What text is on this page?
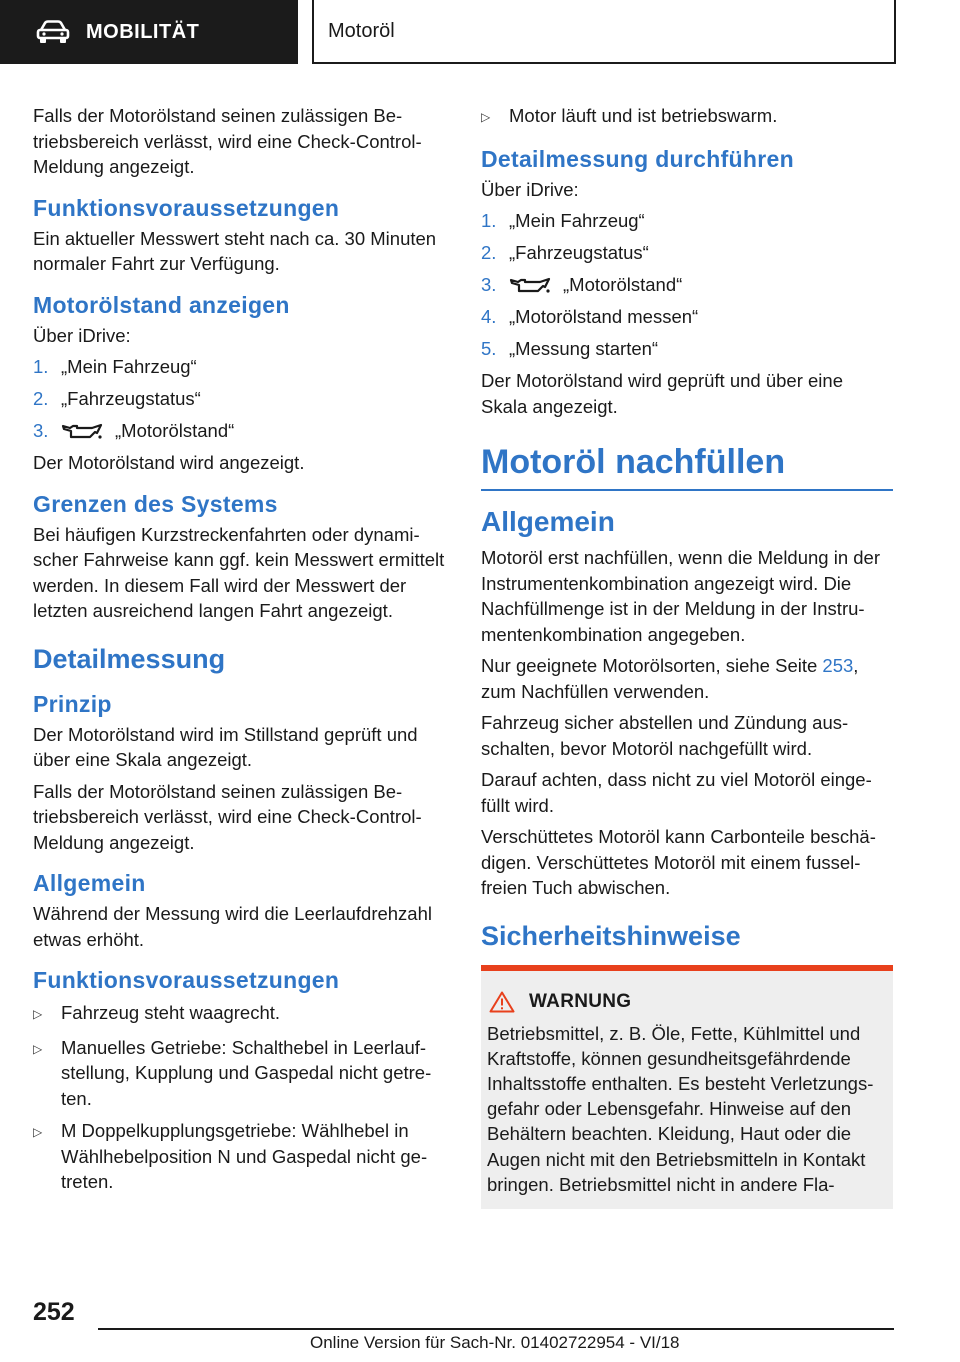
MOBILITÄT	Motoröl

Falls der Motorölstand seinen zulässigen Betriebsbereich verlässt, wird eine Check-Control-Meldung angezeigt.

Funktionsvoraussetzungen

Ein aktueller Messwert steht nach ca. 30 Minuten normaler Fahrt zur Verfügung.

Motorölstand anzeigen

Über iDrive:

1. „Mein Fahrzeug“
2. „Fahrzeugstatus“
3.	„Motorölstand“

Der Motorölstand wird angezeigt.

Grenzen des Systems

Bei häufigen Kurzstreckenfahrten oder dynamischer Fahrweise kann ggf. kein Messwert ermittelt werden. In diesem Fall wird der Messwert der letzten ausreichend langen Fahrt angezeigt.

Detailmessung
Prinzip

Der Motorölstand wird im Stillstand geprüft und über eine Skala angezeigt.

Falls der Motorölstand seinen zulässigen Betriebsbereich verlässt, wird eine Check-Control-Meldung angezeigt.

Allgemein

Während der Messung wird die Leerlaufdrehzahl etwas erhöht.

Funktionsvoraussetzungen
▷	Fahrzeug steht waagrecht.
▷	Manuelles Getriebe: Schalthebel in Leerlaufstellung, Kupplung und Gaspedal nicht getreten.
▷	M Doppelkupplungsgetriebe: Wählhebel in Wählhebelposition N und Gaspedal nicht getreten.
▷	Motor läuft und ist betriebswarm.
Detailmessung durchführen

Über iDrive:

1. „Mein Fahrzeug“
2. „Fahrzeugstatus“
3.	„Motorölstand“
4. „Motorölstand messen“
5. „Messung starten“

Der Motorölstand wird geprüft und über eine Skala angezeigt.

Motoröl nachfüllen
Allgemein

Motoröl erst nachfüllen, wenn die Meldung in der Instrumentenkombination angezeigt wird. Die Nachfüllmenge ist in der Meldung in der Instrumentenkombination angegeben.

Nur geeignete Motorölsorten, siehe Seite 253, zum Nachfüllen verwenden.

Fahrzeug sicher abstellen und Zündung ausschalten, bevor Motoröl nachgefüllt wird.

Darauf achten, dass nicht zu viel Motoröl eingefüllt wird.

Verschüttetes Motoröl kann Carbonteile beschädigen. Verschüttetes Motoröl mit einem fusselfreien Tuch abwischen.

Sicherheitshinweise
WARNUNG

Betriebsmittel, z. B. Öle, Fette, Kühlmittel und Kraftstoffe, können gesundheitsgefährdende Inhaltsstoffe enthalten. Es besteht Verletzungsgefahr oder Lebensgefahr. Hinweise auf den Behältern beachten. Kleidung, Haut oder die Augen nicht mit den Betriebsmitteln in Kontakt bringen. Betriebsmittel nicht in andere Fla-

252
Online Version für Sach-Nr. 01402722954 - VI/18
